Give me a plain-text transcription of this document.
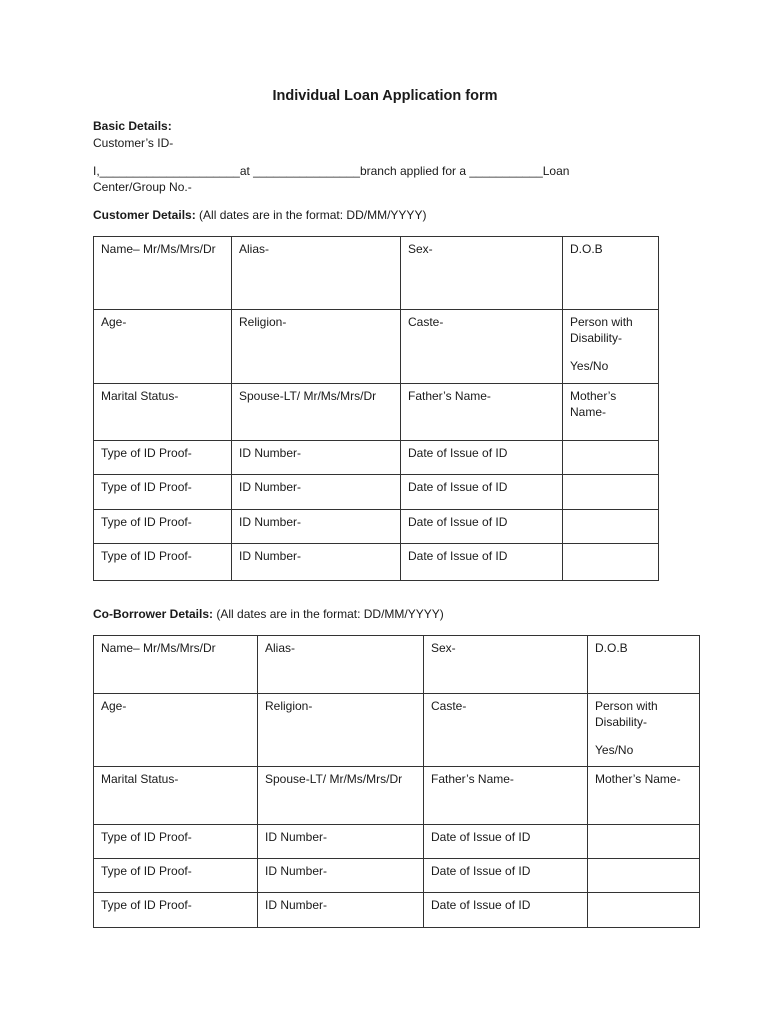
Individual Loan Application form
Basic Details:
Customer’s ID-
I,_____________________at ________________branch applied for a ___________Loan
Center/Group No.-
Customer Details: (All dates are in the format: DD/MM/YYYY)
Name– Mr/Ms/Mrs/Dr	Alias-	Sex-	D.O.B
Age-	Religion-	Caste-	Person with Disability-
Yes/No

Marital Status-	Spouse-LT/ Mr/Ms/Mrs/Dr	Father’s Name-	Mother’s Name-
Type of ID Proof-	ID Number-	Date of Issue of ID	
Type of ID Proof-	ID Number-	Date of Issue of ID	
Type of ID Proof-	ID Number-	Date of Issue of ID	
Type of ID Proof-	ID Number-	Date of Issue of ID	
Co-Borrower Details: (All dates are in the format: DD/MM/YYYY)
Name– Mr/Ms/Mrs/Dr	Alias-	Sex-	D.O.B
Age-	Religion-	Caste-	Person with Disability-
Yes/No

Marital Status-	Spouse-LT/ Mr/Ms/Mrs/Dr	Father’s Name-	Mother’s Name-
Type of ID Proof-	ID Number-	Date of Issue of ID	
Type of ID Proof-	ID Number-	Date of Issue of ID	
Type of ID Proof-	ID Number-	Date of Issue of ID	
